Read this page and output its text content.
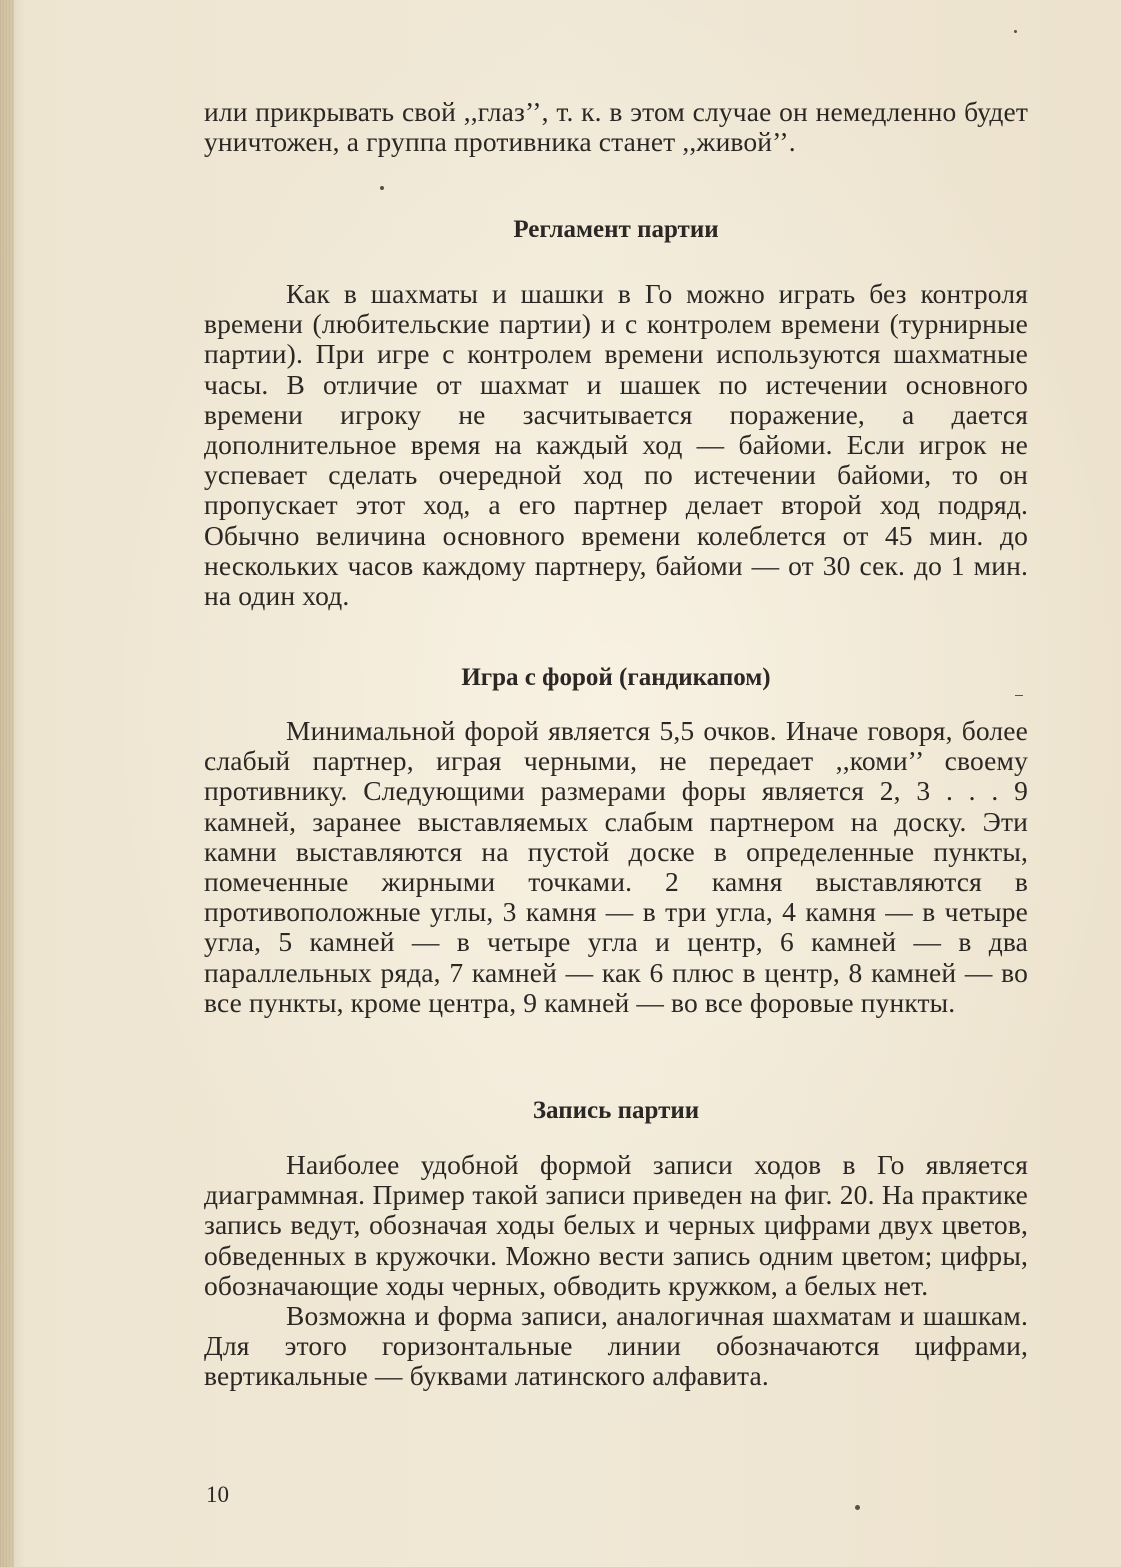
или прикрывать свой ,,глаз’’, т. к. в этом случае он немедленно будет уничтожен, а группа противника станет ,,живой’’.

Регламент партии

Как в шахматы и шашки в Го можно играть без контроля времени (любительские партии) и с контролем времени (турнирные партии). При игре с контролем времени используются шахматные часы. В отличие от шахмат и шашек по истечении основного времени игроку не засчитывается поражение, а дается дополнительное время на каждый ход — байоми. Если игрок не успевает сделать очередной ход по истечении байоми, то он пропускает этот ход, а его партнер делает второй ход подряд. Обычно величина основного времени колеблется от 45 мин. до нескольких часов каждому партнеру, байоми — от 30 сек. до 1 мин. на один ход.

Игра с форой (гандикапом)

Минимальной форой является 5,5 очков. Иначе говоря, более слабый партнер, играя черными, не передает ,,коми’’ своему противнику. Следующими размерами форы является 2, 3 . . . 9 камней, заранее выставляемых слабым партнером на доску. Эти камни выставляются на пустой доске в определенные пункты, помеченные жирными точками. 2 камня выставляются в противоположные углы, 3 камня — в три угла, 4 камня — в четыре угла, 5 камней — в четыре угла и центр, 6 камней — в два параллельных ряда, 7 камней — как 6 плюс в центр, 8 камней — во все пункты, кроме центра, 9 камней — во все форовые пункты.

Запись партии

Наиболее удобной формой записи ходов в Го является диаграммная. Пример такой записи приведен на фиг. 20. На практике запись ведут, обозначая ходы белых и черных цифрами двух цветов, обведенных в кружочки. Можно вести запись одним цветом; цифры, обозначающие ходы черных, обводить кружком, а белых нет.

Возможна и форма записи, аналогичная шахматам и шашкам. Для этого горизонтальные линии обозначаются цифрами, вертикальные — буквами латинского алфавита.

10
